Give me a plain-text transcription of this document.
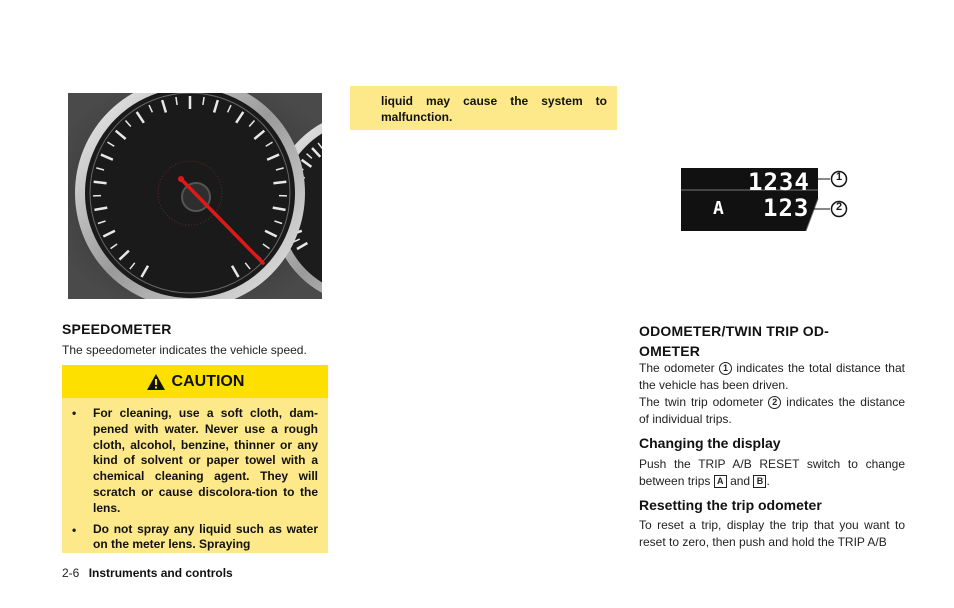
SPEEDOMETER
The speedometer indicates the vehicle speed.
CAUTION
• For cleaning, use a soft cloth, dam-pened with water. Never use a rough cloth, alcohol, benzine, thinner or any kind of solvent or paper towel with a chemical cleaning agent. They will scratch or cause discolora-tion to the lens.
• Do not spray any liquid such as water on the meter lens. Spraying
liquid may cause the system to malfunction.
1234
A 123
1
2
ODOMETER/TWIN TRIP OD-
OMETER
The odometer 1 indicates the total distance that the vehicle has been driven.
The twin trip odometer 2 indicates the distance of individual trips.
Changing the display
Push the TRIP A/B RESET switch to change between trips A and B .
Resetting the trip odometer
To reset a trip, display the trip that you want to reset to zero, then push and hold the TRIP A/B
2-6 Instruments and controls
